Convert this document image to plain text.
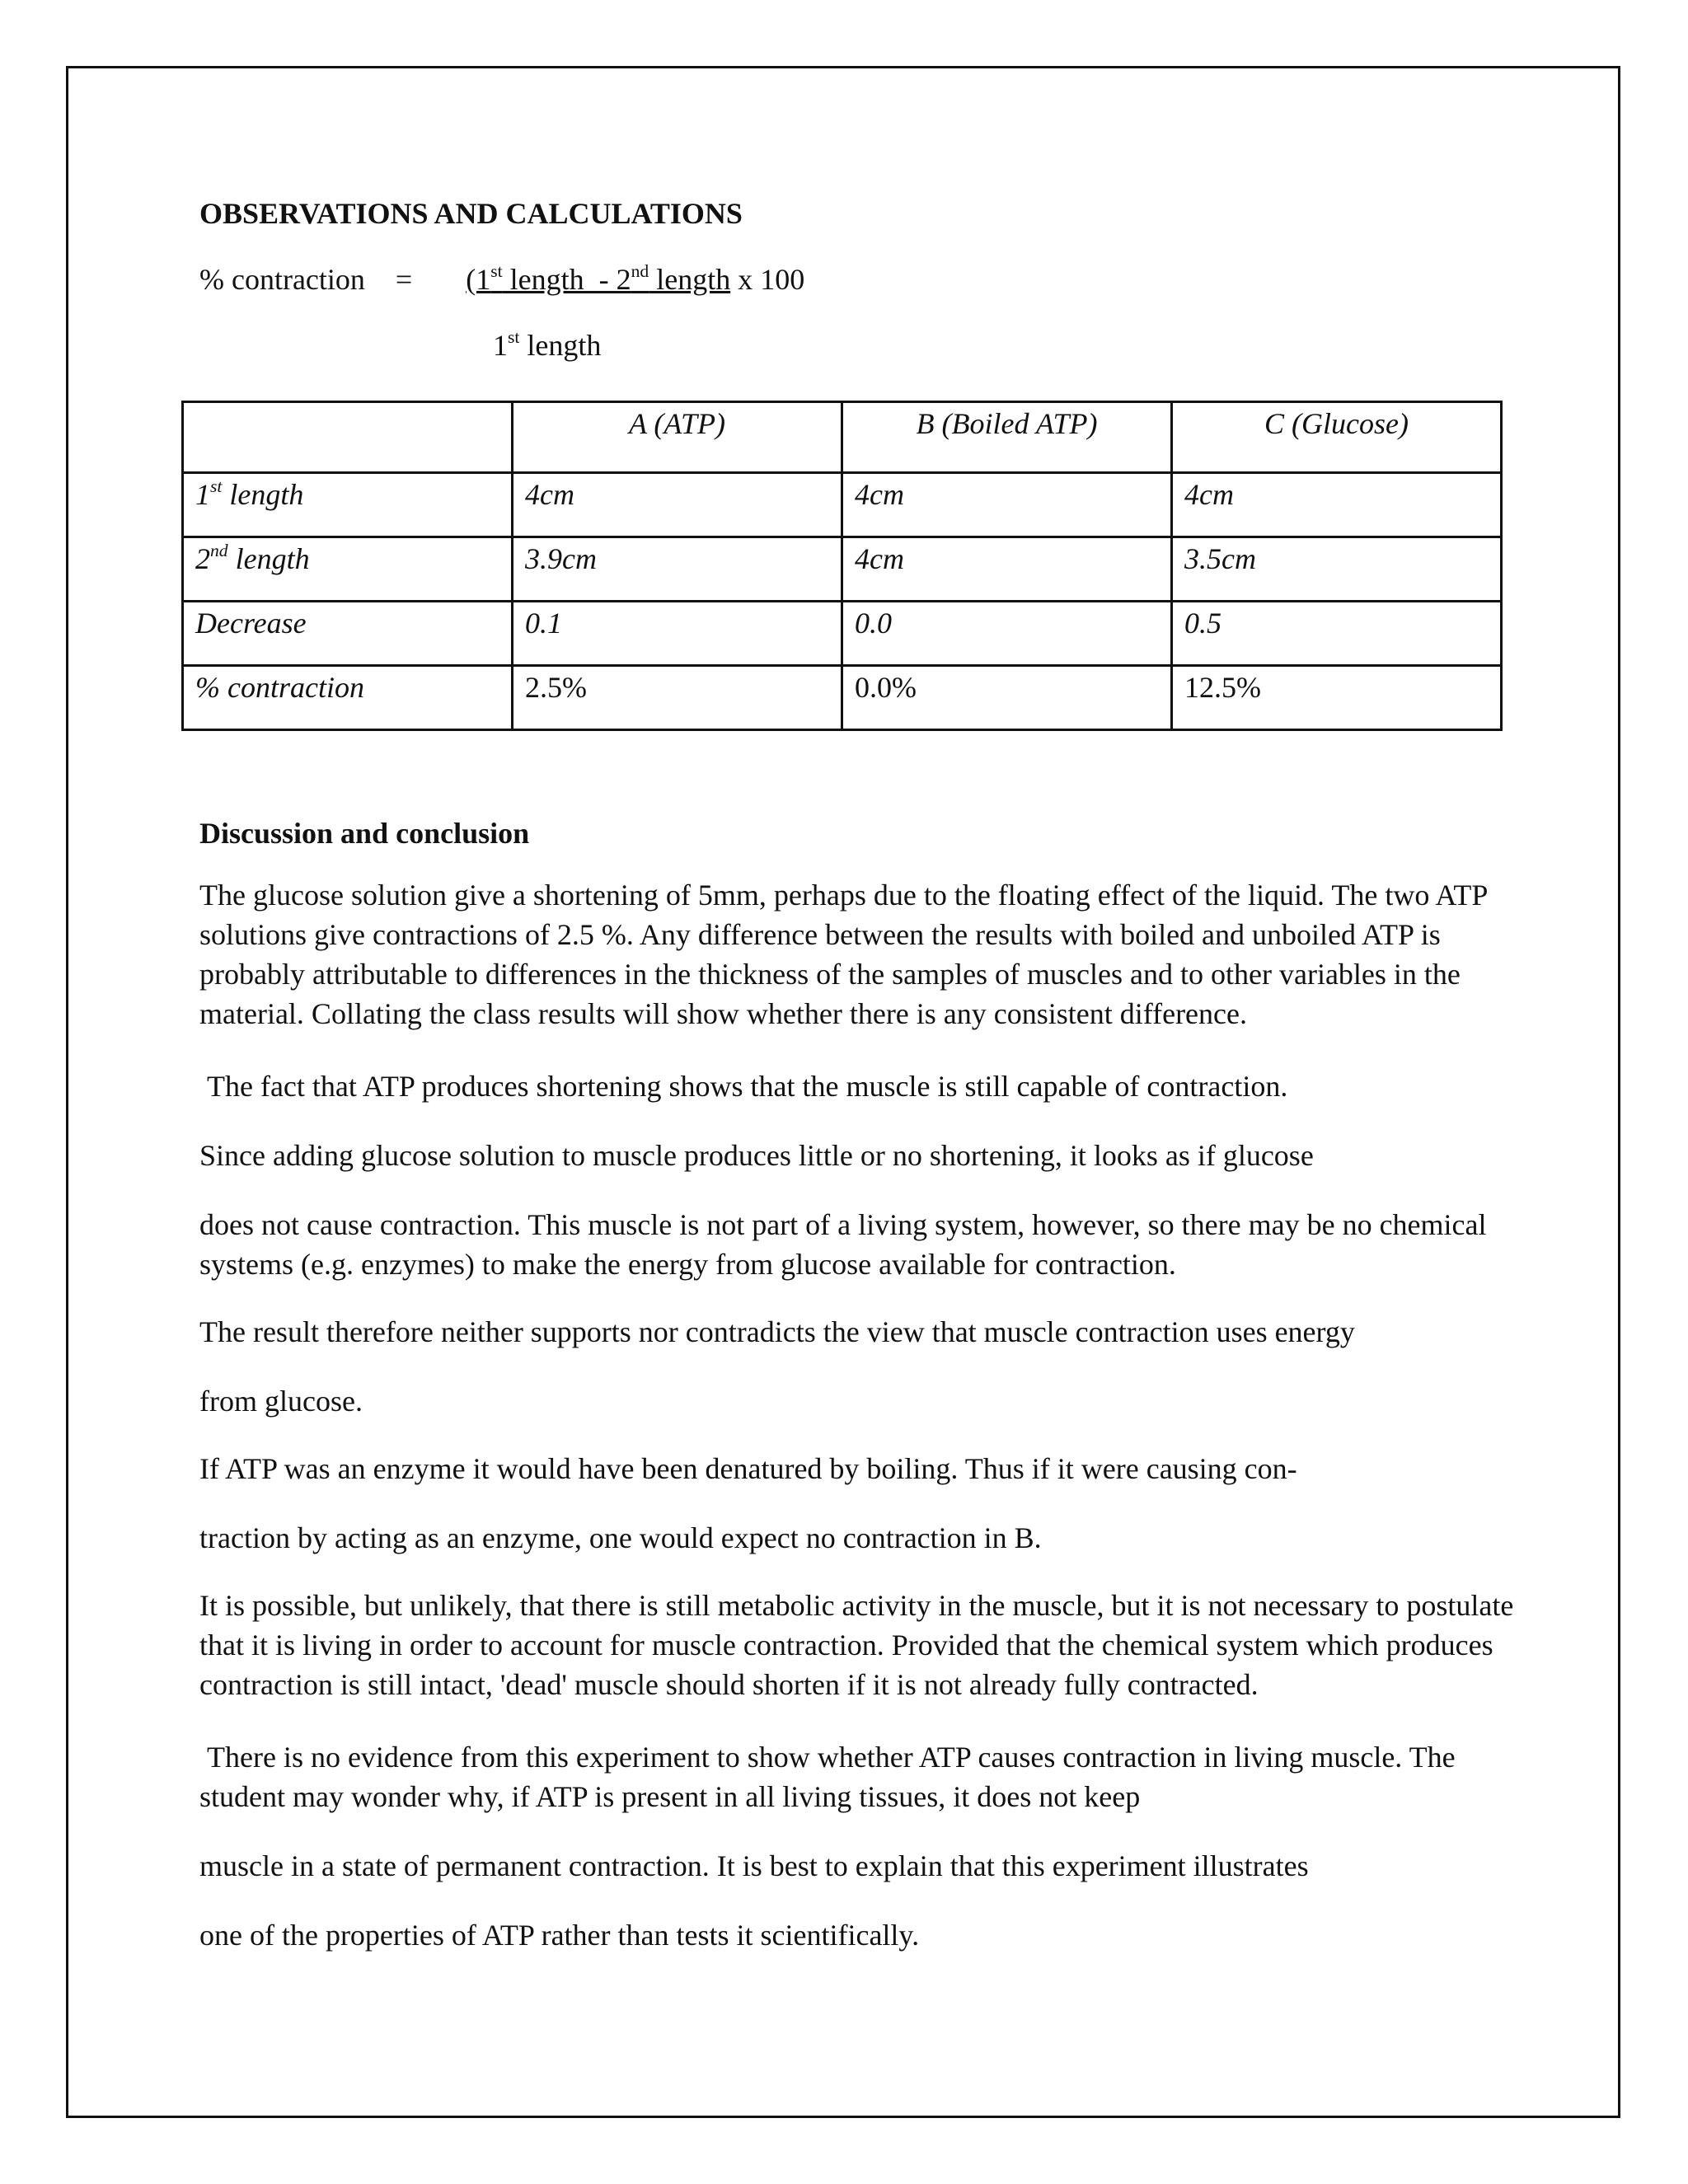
OBSERVATIONS AND CALCULATIONS
% contraction = (1st length  - 2nd length x 100
1st length
	A (ATP)	B (Boiled ATP)	C (Glucose)
1st length	4cm	4cm	4cm
2nd length	3.9cm	4cm	3.5cm
Decrease	0.1	0.0	0.5
% contraction	2.5%	0.0%	12.5%
Discussion and conclusion

The glucose solution give a shortening of 5mm, perhaps due to the floating effect of the liquid. The two ATP solutions give contractions of 2.5 %. Any difference between the results with boiled and unboiled ATP is probably attributable to differences in the thickness of the samples of muscles and to other variables in the material. Collating the class results will show whether there is any consistent difference.

The fact that ATP produces shortening shows that the muscle is still capable of contraction.

Since adding glucose solution to muscle produces little or no shortening, it looks as if glucose

does not cause contraction. This muscle is not part of a living system, however, so there may be no chemical systems (e.g. enzymes) to make the energy from glucose available for contraction.

The result therefore neither supports nor contradicts the view that muscle contraction uses energy

from glucose.

If ATP was an enzyme it would have been denatured by boiling. Thus if it were causing con-

traction by acting as an enzyme, one would expect no contraction in B.

It is possible, but unlikely, that there is still metabolic activity in the muscle, but it is not necessary to postulate that it is living in order to account for muscle contraction. Provided that the chemical system which produces contraction is still intact, 'dead' muscle should shorten if it is not already fully contracted.

There is no evidence from this experiment to show whether ATP causes contraction in living muscle. The student may wonder why, if ATP is present in all living tissues, it does not keep

muscle in a state of permanent contraction. It is best to explain that this experiment illustrates

one of the properties of ATP rather than tests it scientifically.
